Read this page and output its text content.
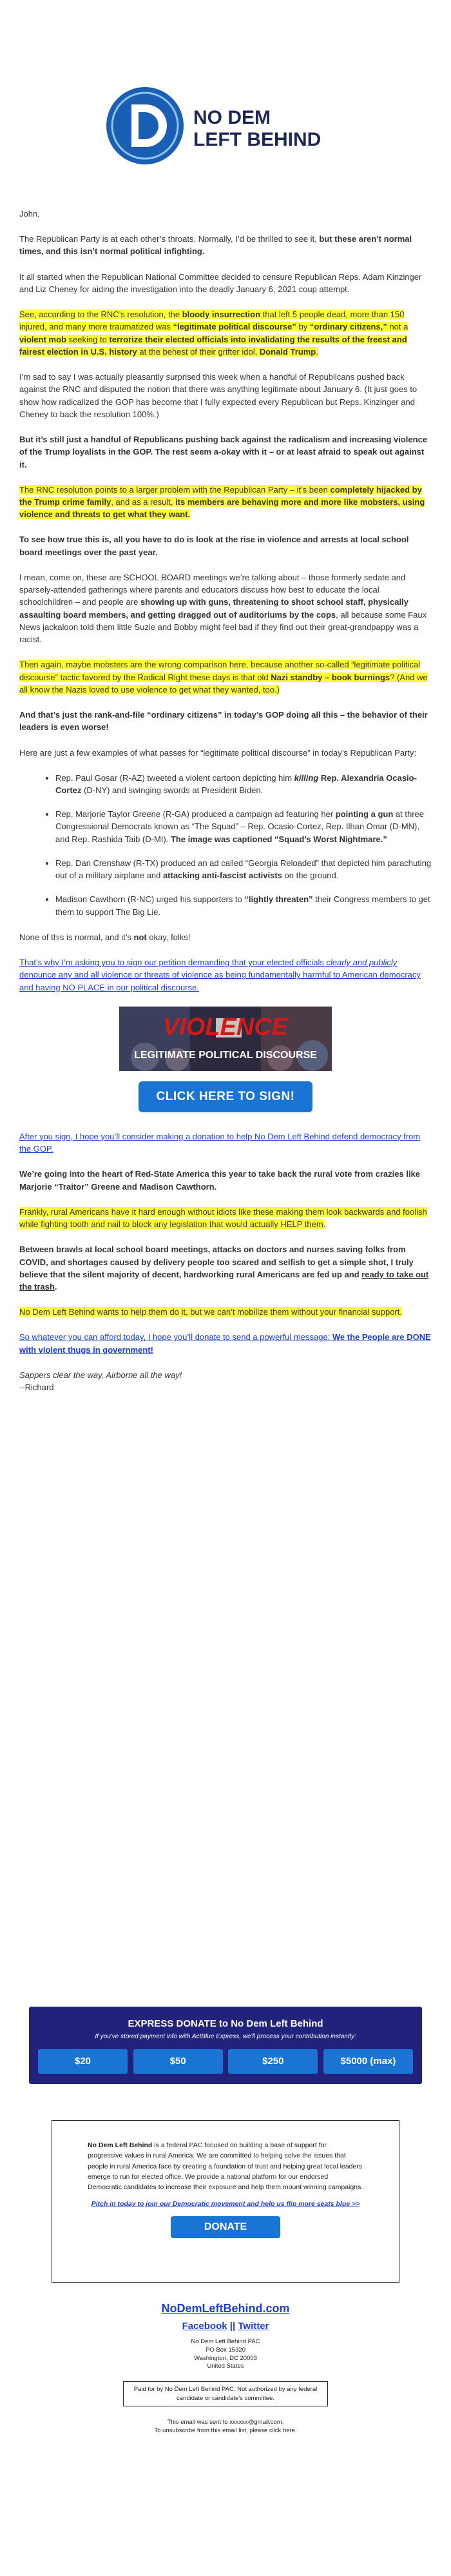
NO DEM
LEFT BEHIND

John,

The Republican Party is at each other’s throats. Normally, I’d be thrilled to see it, but these aren’t normal times, and this isn’t normal political infighting.

It all started when the Republican National Committee decided to censure Republican Reps. Adam Kinzinger and Liz Cheney for aiding the investigation into the deadly January 6, 2021 coup attempt.

See, according to the RNC’s resolution, the bloody insurrection that left 5 people dead, more than 150 injured, and many more traumatized was “legitimate political discourse” by “ordinary citizens,” not a violent mob seeking to terrorize their elected officials into invalidating the results of the freest and fairest election in U.S. history at the behest of their grifter idol, Donald Trump.

I’m sad to say I was actually pleasantly surprised this week when a handful of Republicans pushed back against the RNC and disputed the notion that there was anything legitimate about January 6. (It just goes to show how radicalized the GOP has become that I fully expected every Republican but Reps. Kinzinger and Cheney to back the resolution 100%.)

But it’s still just a handful of Republicans pushing back against the radicalism and increasing violence of the Trump loyalists in the GOP. The rest seem a-okay with it – or at least afraid to speak out against it.

The RNC resolution points to a larger problem with the Republican Party – it’s been completely hijacked by the Trump crime family, and as a result, its members are behaving more and more like mobsters, using violence and threats to get what they want.

To see how true this is, all you have to do is look at the rise in violence and arrests at local school board meetings over the past year.

I mean, come on, these are SCHOOL BOARD meetings we’re talking about – those formerly sedate and sparsely-attended gatherings where parents and educators discuss how best to educate the local schoolchildren – and people are showing up with guns, threatening to shoot school staff, physically assaulting board members, and getting dragged out of auditoriums by the cops, all because some Faux News jackaloon told them little Suzie and Bobby might feel bad if they find out their great-grandpappy was a racist.

Then again, maybe mobsters are the wrong comparison here, because another so-called “legitimate political discourse” tactic favored by the Radical Right these days is that old Nazi standby – book burnings? (And we all know the Nazis loved to use violence to get what they wanted, too.)

And that’s just the rank-and-file “ordinary citizens” in today’s GOP doing all this – the behavior of their leaders is even worse!

Here are just a few examples of what passes for “legitimate political discourse” in today’s Republican Party:

• Rep. Paul Gosar (R-AZ) tweeted a violent cartoon depicting him killing Rep. Alexandria Ocasio-Cortez (D-NY) and swinging swords at President Biden.
• Rep. Marjorie Taylor Greene (R-GA) produced a campaign ad featuring her pointing a gun at three Congressional Democrats known as “The Squad” – Rep. Ocasio-Cortez, Rep. Ilhan Omar (D-MN), and Rep. Rashida Taib (D-MI). The image was captioned “Squad’s Worst Nightmare.”
• Rep. Dan Crenshaw (R-TX) produced an ad called “Georgia Reloaded” that depicted him parachuting out of a military airplane and attacking anti-fascist activists on the ground.
• Madison Cawthorn (R-NC) urged his supporters to “lightly threaten” their Congress members to get them to support The Big Lie.

None of this is normal, and it’s not okay, folks!

That’s why I’m asking you to sign our petition demanding that your elected officials clearly and publicly denounce any and all violence or threats of violence as being fundamentally harmful to American democracy and having NO PLACE in our political discourse.

VIOLENCE
LEGITIMATE POLITICAL DISCOURSE
CLICK HERE TO SIGN!

After you sign, I hope you’ll consider making a donation to help No Dem Left Behind defend democracy from the GOP.

We’re going into the heart of Red-State America this year to take back the rural vote from crazies like Marjorie “Traitor” Greene and Madison Cawthorn.

Frankly, rural Americans have it hard enough without idiots like these making them look backwards and foolish while fighting tooth and nail to block any legislation that would actually HELP them.

Between brawls at local school board meetings, attacks on doctors and nurses saving folks from COVID, and shortages caused by delivery people too scared and selfish to get a simple shot, I truly believe that the silent majority of decent, hardworking rural Americans are fed up and ready to take out the trash.

No Dem Left Behind wants to help them do it, but we can’t mobilize them without your financial support.

So whatever you can afford today, I hope you’ll donate to send a powerful message: We the People are DONE with violent thugs in government!

Sappers clear the way, Airborne all the way!
--Richard

EXPRESS DONATE to No Dem Left Behind
If you've stored payment info with ActBlue Express, we'll process your contribution instantly:
$20	$50	$250	$5000 (max)

No Dem Left Behind is a federal PAC focused on building a base of support for progressive values in rural America. We are committed to helping solve the issues that people in rural America face by creating a foundation of trust and helping great local leaders emerge to run for elected office. We provide a national platform for our endorsed Democratic candidates to increase their exposure and help them mount winning campaigns.

Pitch in today to join our Democratic movement and help us flip more seats blue >>

DONATE
NoDemLeftBehind.com
Facebook || Twitter
No Dem Left Behind PAC
PO Box 15320
Washington, DC 20003
United States
Paid for by No Dem Left Behind PAC. Not authorized by any federal candidate or candidate’s committee.
This email was sent to xxxxxx@gmail.com.
To unsubscribe from this email list, please click here.
